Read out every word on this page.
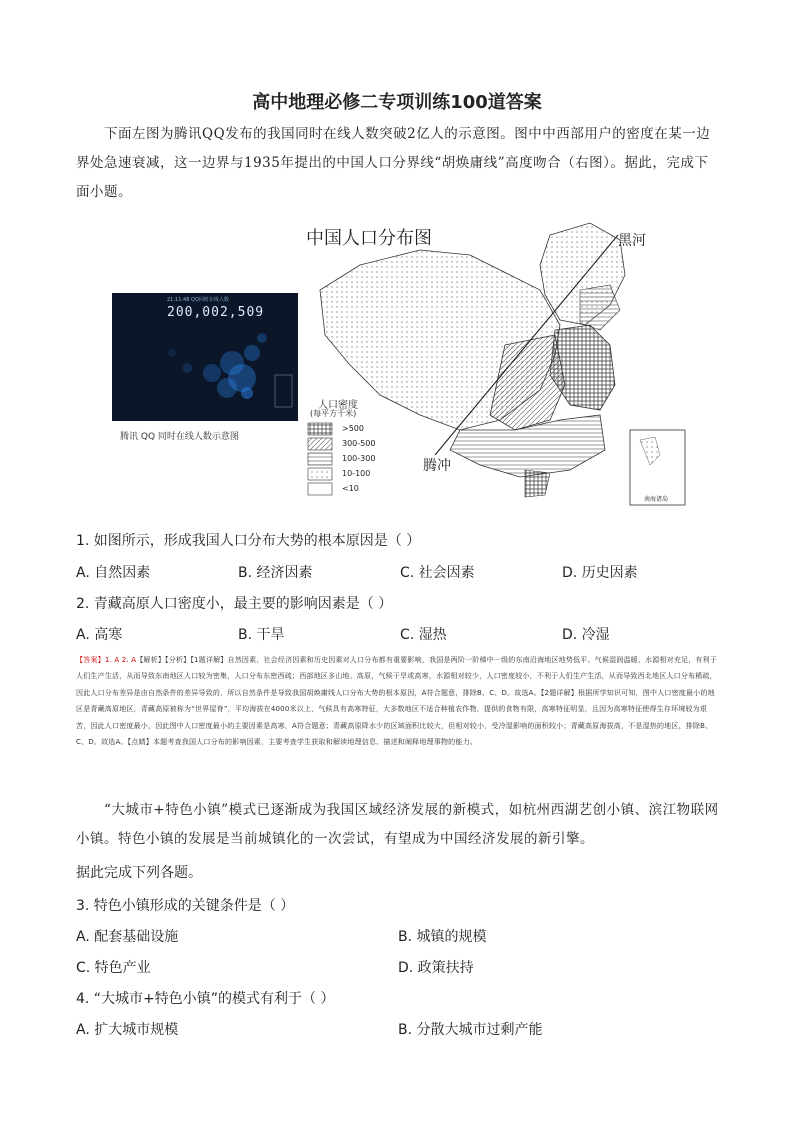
高中地理必修二专项训练100道答案
下面左图为腾讯QQ发布的我国同时在线人数突破2亿人的示意图。图中中西部用户的密度在某一边界处急速衰减，这一边界与1935年提出的中国人口分界线“胡焕庸线”高度吻合（右图）。据此，完成下面小题。
21:11:48 QQ同时在线人数
200,002,509
腾讯 QQ 同时在线人数示意图
中国人口分布图	黑河
腾冲
人口密度
(每平方千米)
>500
300-500
100-300
10-100
<10
南海诸岛
1. 如图所示，形成我国人口分布大势的根本原因是（ ）
A. 自然因素	B. 经济因素	C. 社会因素	D. 历史因素
2. 青藏高原人口密度小，最主要的影响因素是（ ）
A. 高寒	B. 干旱	C. 湿热	D. 冷湿
【答案】1. A 2. A【解析】【分析】【1题详解】自然因素、社会经济因素和历史因素对人口分布都有重要影响，我国是两阶一阶梯中一级的东南沿海地区地势低平、气候湿润温暖、水源相对充足，有利于人们生产生活，从而导致东南地区人口较为密集，人口分布东密西疏；西部地区多山地、高原，气候干旱或高寒，水源相对较少，人口密度较小，不利于人们生产生活，从而导致西北地区人口分布稀疏，因此人口分布差异是由自然条件的差异导致的，所以自然条件是导致我国胡焕庸线人口分布大势的根本原因，A符合题意，排除B、C、D。故选A。【2题详解】根据所学知识可知，图中人口密度最小的地区是青藏高原地区，青藏高原被称为“世界屋脊”，平均海拔在4000米以上，气候具有高寒特征，大多数地区不适合种植农作物，提供的食物有限，高寒特征明显，且因为高寒特征使得生存环境较为艰苦，因此人口密度最小，因此图中人口密度最小的主要因素是高寒，A符合题意；青藏高原降水少的区域面积比较大，但相对较小，受冷湿影响的面积较小；青藏高原海拔高，不是湿热的地区，排除B、C、D。故选A。【点睛】本题考查我国人口分布的影响因素，主要考查学生获取和解读地理信息、描述和阐释地理事物的能力。
“大城市+特色小镇”模式已逐渐成为我国区域经济发展的新模式，如杭州西湖艺创小镇、滨江物联网小镇。特色小镇的发展是当前城镇化的一次尝试，有望成为中国经济发展的新引擎。
据此完成下列各题。
3. 特色小镇形成的关键条件是（ ）
A. 配套基础设施	B. 城镇的规模
C. 特色产业	D. 政策扶持
4. “大城市+特色小镇”的模式有利于（ ）
A. 扩大城市规模	B. 分散大城市过剩产能
